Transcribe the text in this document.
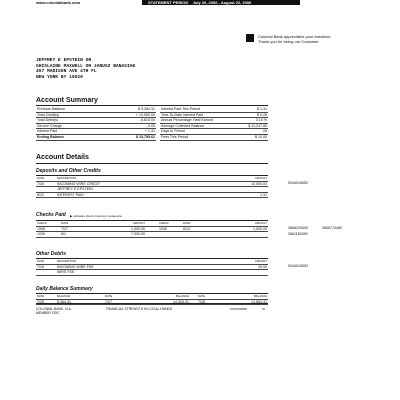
www.colonialbank.com	STATEMENT PERIOD July 26, 2006 - August 22, 2006
Colonial Bank appreciates your business. Thank you for being our Customer
JEFFREY E EPSTEIN OR
GHISLAINE MAXWELL OR JANUSZ BANASIAK
457 MADISON AVE 4TH FL
NEW YORK NY 10020
Account Summary
Previous Balance	$ 5,364.31
Total Credit(s)	+ 10,000.00
Total Debit(s)	- 8,610.00
Service Charge	- 0.00
Interest Paid	+ 1.31
Ending Balance	$ 15,755.62
Interest Paid This Period	$ 1.31
Year-To-Date Interest Paid	$ 9.28
Annual Percentage Yield Earned	0.15 %
Average Collected Balance	$ 11,247.80
Days In Period	28
Fees This Period	$ 10.00
Account Details
Deposits and Other Credits
DATE	DESCRIPTION	AMOUNT
7/26	INCOMING WIRE CREDIT	10,000.00
	JEFFREY E EPSTEIN	
8/22	INTEREST PAID	1.31
0044016552
Checks Paid ▶ indicates check missing in sequence
CHECK	DATE	AMOUNT		CHECK	DATE	AMOUNT
1008	7/27	1,000.00		1040	8/12	1,000.00
1039	8/1	7,000.00				
3666229490	3665774460
3661160390
Other Debits
DATE	DESCRIPTION	AMOUNT
7/26	INCOMING WIRE FEE	10.00
	WIRE FEE	
0044016553
Daily Balance Summary
DATE	BALANCE	DATE	BALANCE	DATE	BALANCE
7/25	5,364.31	7/27	14,354.31	7/28	13,854.31
COLONIAL BANK, N.A.
MEMBER FDIC
FINANCIAL STRENGTH IN LOCAL HANDS	STMT0000WP	56
